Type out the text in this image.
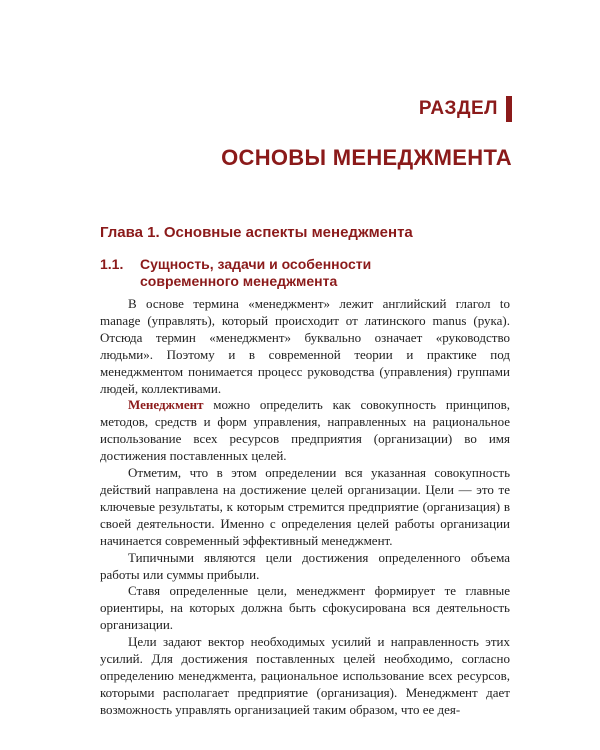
РАЗДЕЛ
ОСНОВЫ МЕНЕДЖМЕНТА
Глава 1. Основные аспекты менеджмента
1.1. Сущность, задачи и особенности
современного менеджмента

В основе термина «менеджмент» лежит английский глагол to manage (управлять), который происходит от латинского manus (рука). Отсюда термин «менеджмент» буквально означает «руководство людьми». Поэтому и в современной теории и практике под менеджментом понимается процесс руководства (управления) группами людей, коллективами.

Менеджмент можно определить как совокупность принципов, методов, средств и форм управления, направленных на рациональное использование всех ресурсов предприятия (организации) во имя достижения поставленных целей.

Отметим, что в этом определении вся указанная совокупность действий направлена на достижение целей организации. Цели — это те ключевые результаты, к которым стремится предприятие (организация) в своей деятельности. Именно с определения целей работы организации начинается современный эффективный менеджмент.

Типичными являются цели достижения определенного объема работы или суммы прибыли.

Ставя определенные цели, менеджмент формирует те главные ориентиры, на которых должна быть сфокусирована вся деятельность организации.

Цели задают вектор необходимых усилий и направленность этих усилий. Для достижения поставленных целей необходимо, согласно определению менеджмента, рациональное использование всех ресурсов, которыми располагает предприятие (организация). Менеджмент дает возможность управлять организацией таким образом, что ее дея-
